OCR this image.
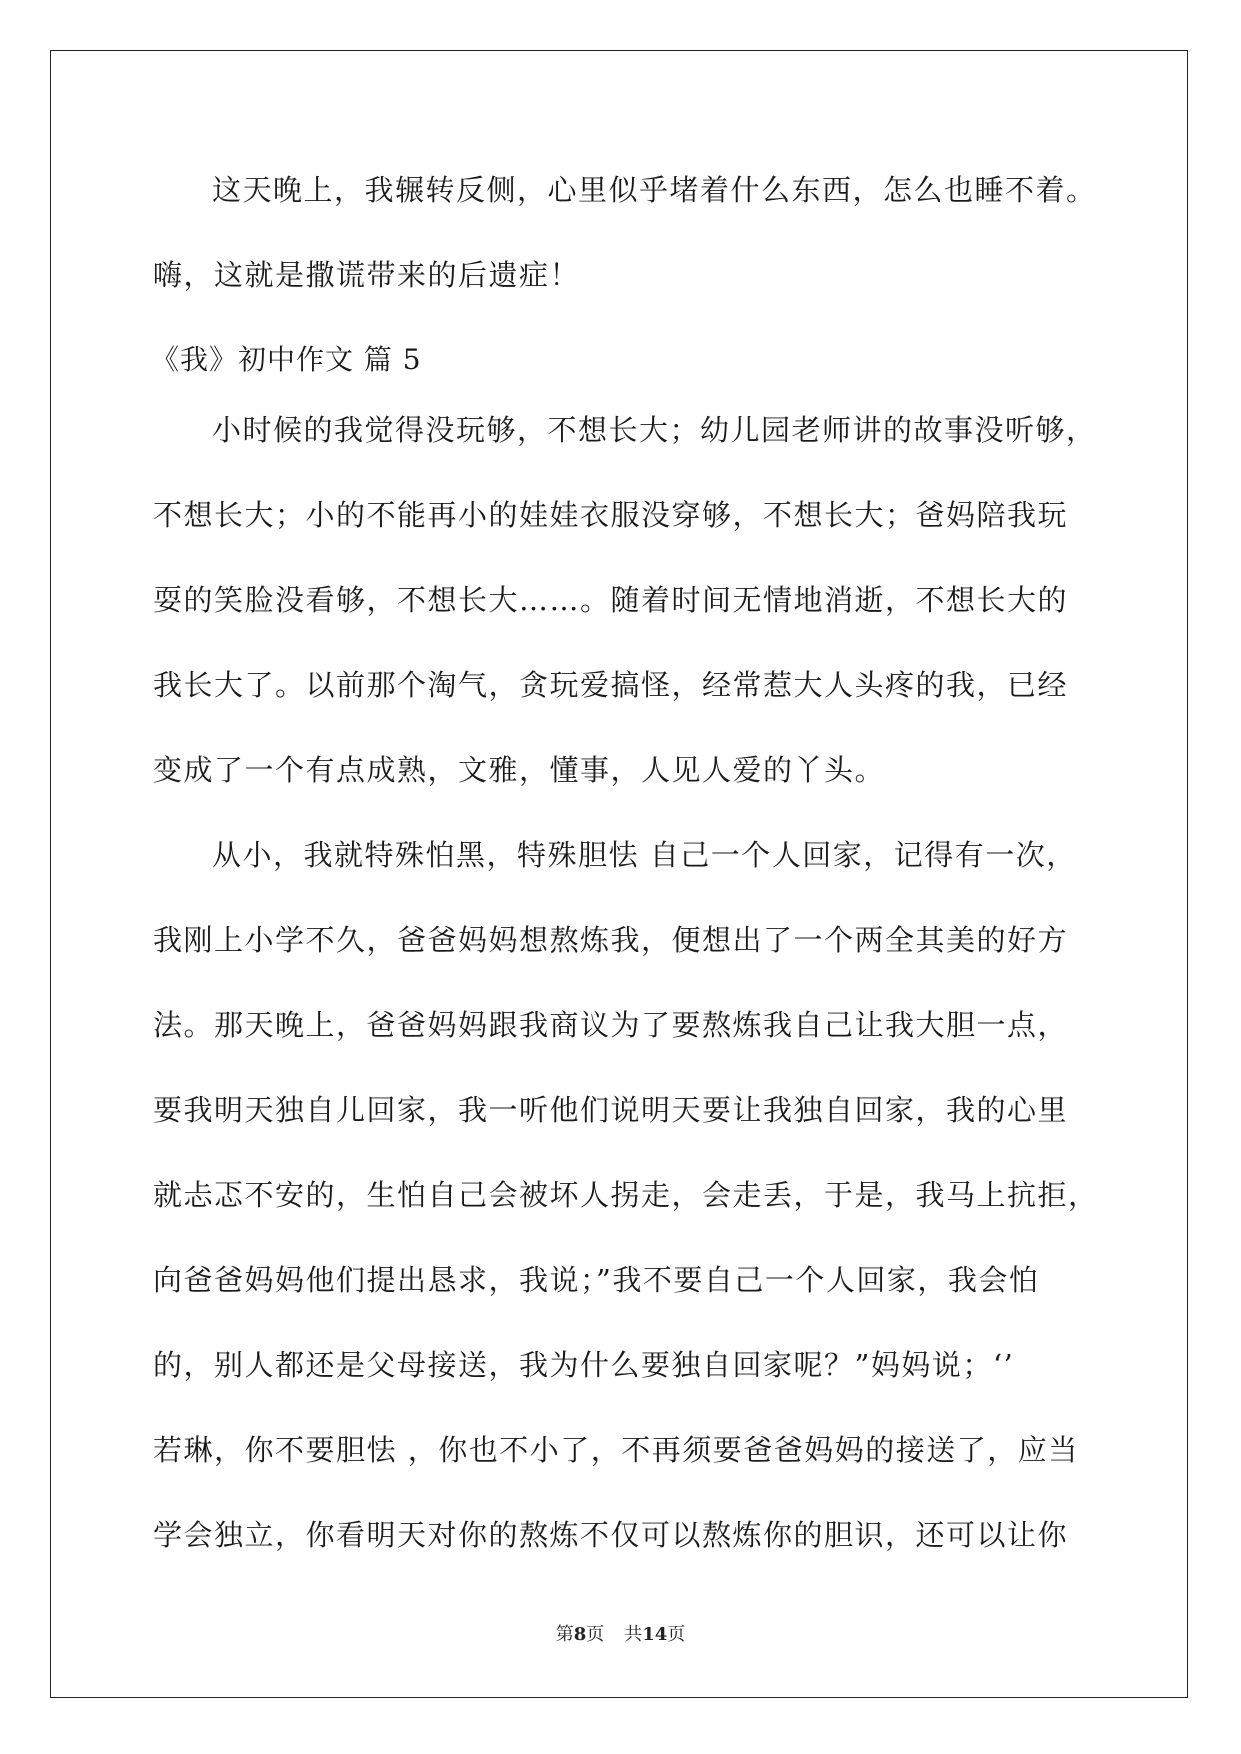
这天晚上，我辗转反侧，心里似乎堵着什么东西，怎么也睡不着。
嗨，这就是撒谎带来的后遗症！
《我》初中作文 篇 5
小时候的我觉得没玩够，不想长大；幼儿园老师讲的故事没听够，
不想长大；小的不能再小的娃娃衣服没穿够，不想长大；爸妈陪我玩
耍的笑脸没看够，不想长大……。随着时间无情地消逝，不想长大的
我长大了。以前那个淘气，贪玩爱搞怪，经常惹大人头疼的我，已经
变成了一个有点成熟，文雅，懂事，人见人爱的丫头。
从小，我就特殊怕黑，特殊胆怯 自己一个人回家，记得有一次，
我刚上小学不久，爸爸妈妈想熬炼我，便想出了一个两全其美的好方
法。那天晚上，爸爸妈妈跟我商议为了要熬炼我自己让我大胆一点，
要我明天独自儿回家，我一听他们说明天要让我独自回家，我的心里
就忐忑不安的，生怕自己会被坏人拐走，会走丢，于是，我马上抗拒，
向爸爸妈妈他们提出恳求，我说；”我不要自己一个人回家，我会怕
的，别人都还是父母接送，我为什么要独自回家呢？”妈妈说；‘’
若琳，你不要胆怯 ，你也不小了，不再须要爸爸妈妈的接送了，应当
学会独立，你看明天对你的熬炼不仅可以熬炼你的胆识，还可以让你
第8页 共14页
